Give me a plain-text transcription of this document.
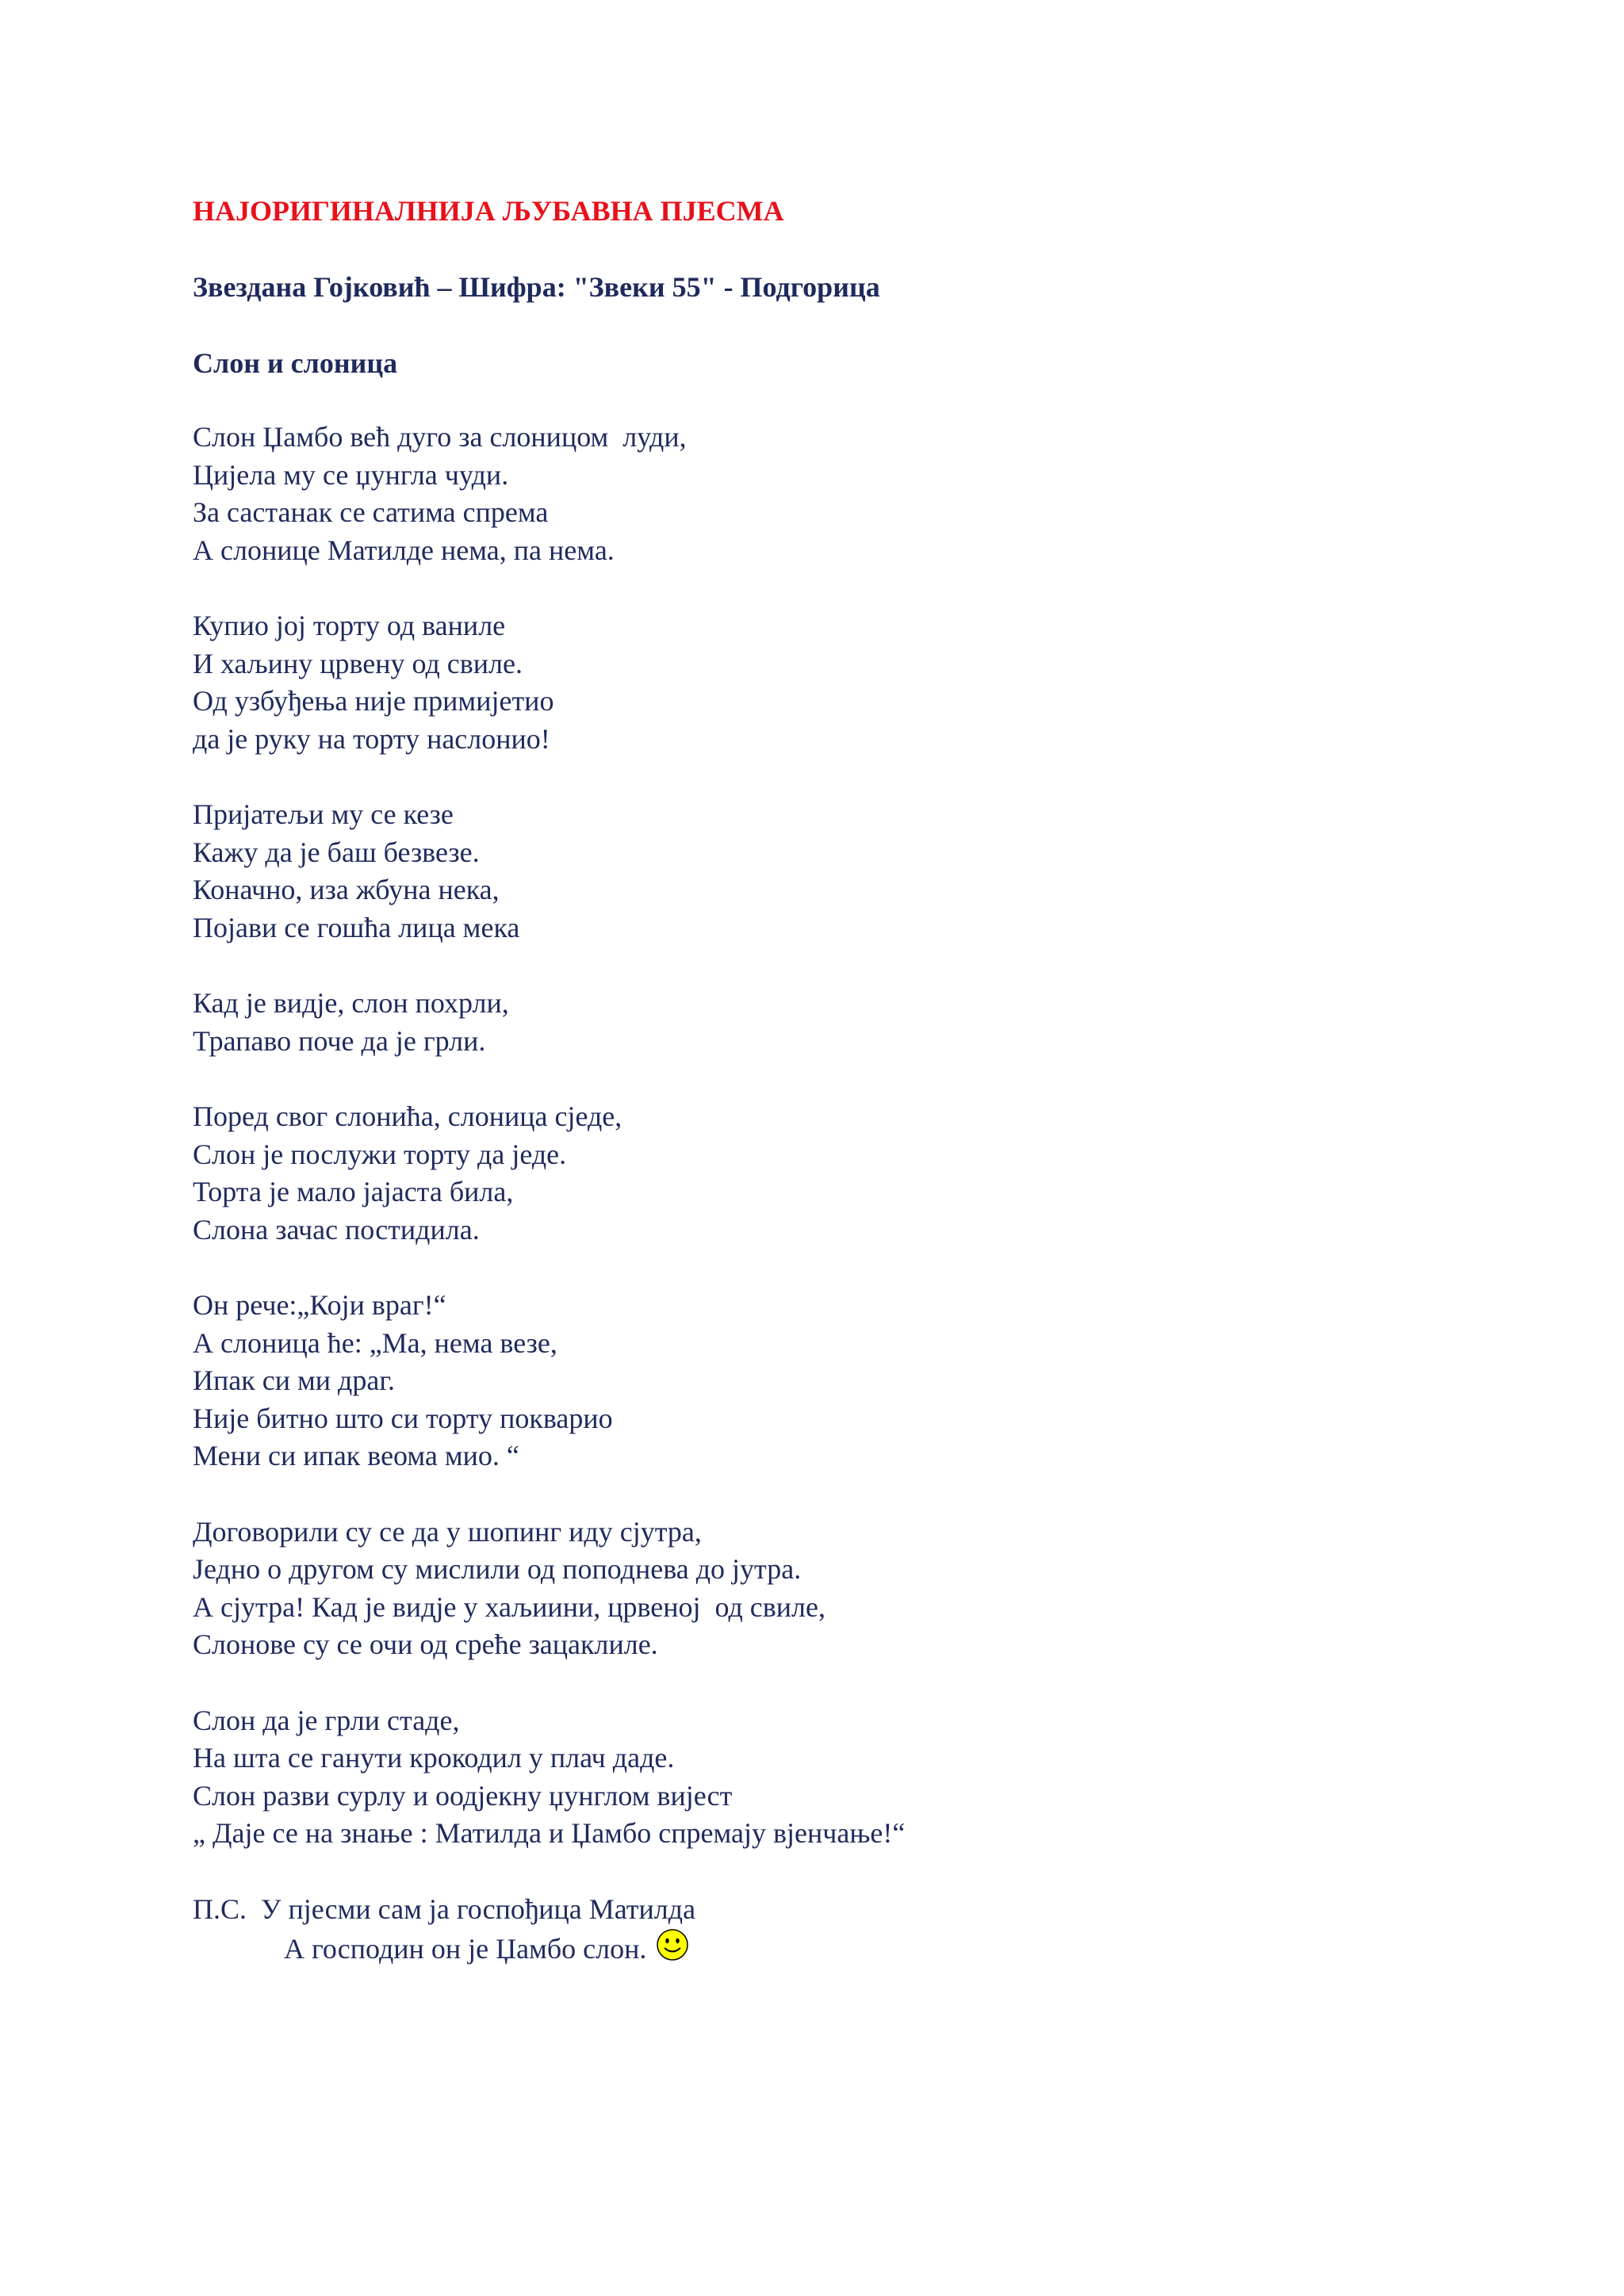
НАЈОРИГИНАЛНИЈА ЉУБАВНА ПЈЕСМА

Звездана Гојковић – Шифра: "Звеки 55" - Подгорица

Слон и слоница

Слон Џамбо већ дуго за слоницом  луди,
Цијела му се џунгла чуди.
За састанак се сатима спрема
А слонице Матилде нема, па нема.
Купио јој торту од ваниле
И хаљину црвену од свиле.
Од узбуђења није примијетио
да је руку на торту наслонио!
Пријатељи му се кезе
Кажу да је баш безвезе.
Коначно, иза жбуна нека,
Појави се гошћа лица мека
Кад је видје, слон похрли,
Трапаво поче да је грли.
Поред свог слонића, слоница сједе,
Слон је послужи торту да једе.
Торта је мало јајаста била,
Слона зачас постидила.
Он рече:„Који враг!“
А слоница ће: „Ма, нема везе,
Ипак си ми драг.
Није битно што си торту покварио
Мени си ипак веома мио. “
Договорили су се да у шопинг иду сјутра,
Једно о другом су мислили од поподнева до јутра.
А сјутра! Кад је видје у хаљиини, црвеној  од свиле,
Слонове су се очи од среће зацаклиле.
Слон да је грли стаде,
На шта се ганути крокодил у плач даде.
Слон разви сурлу и оодјекну џунглом вијест
„ Даје се на знање : Матилда и Џамбо спремају вјенчање!“
П.С.  У пјесми сам ја госпођица Матилда
А господин он је Џамбо слон.
